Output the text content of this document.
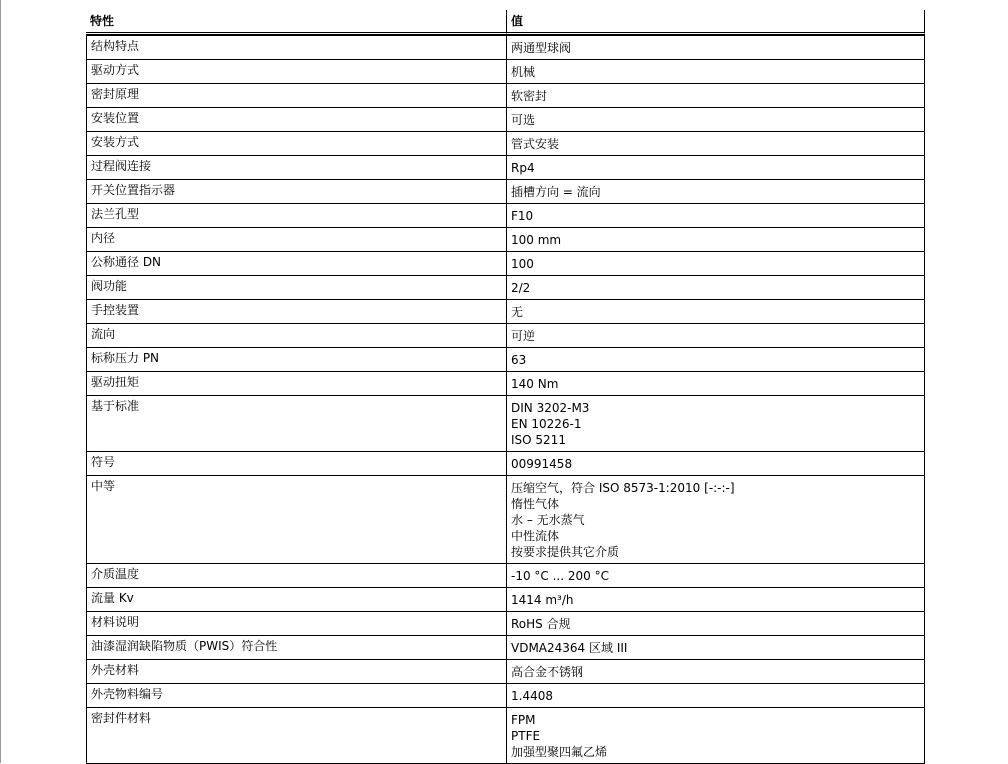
特性	值
结构特点	两通型球阀

驱动方式	机械

密封原理	软密封

安装位置	可选

安装方式	管式安装

过程阀连接	Rp4

开关位置指示器	插槽方向 = 流向

法兰孔型	F10

内径	100 mm

公称通径 DN	100

阀功能	2/2

手控装置	无

流向	可逆

标称压力 PN	63

驱动扭矩	140 Nm

基于标准	DIN 3202-M3
EN 10226-1
ISO 5211

符号	00991458

中等	压缩空气，符合 ISO 8573-1:2010 [-:-:-]
惰性气体
水 – 无水蒸气
中性流体
按要求提供其它介质

介质温度	-10 °C ... 200 °C

流量 Kv	1414 m³/h

材料说明	RoHS 合规

油漆湿润缺陷物质（PWIS）符合性	VDMA24364 区域 III

外壳材料	高合金不锈钢

外壳物料编号	1.4408

密封件材料	FPM
PTFE
加强型聚四氟乙烯
